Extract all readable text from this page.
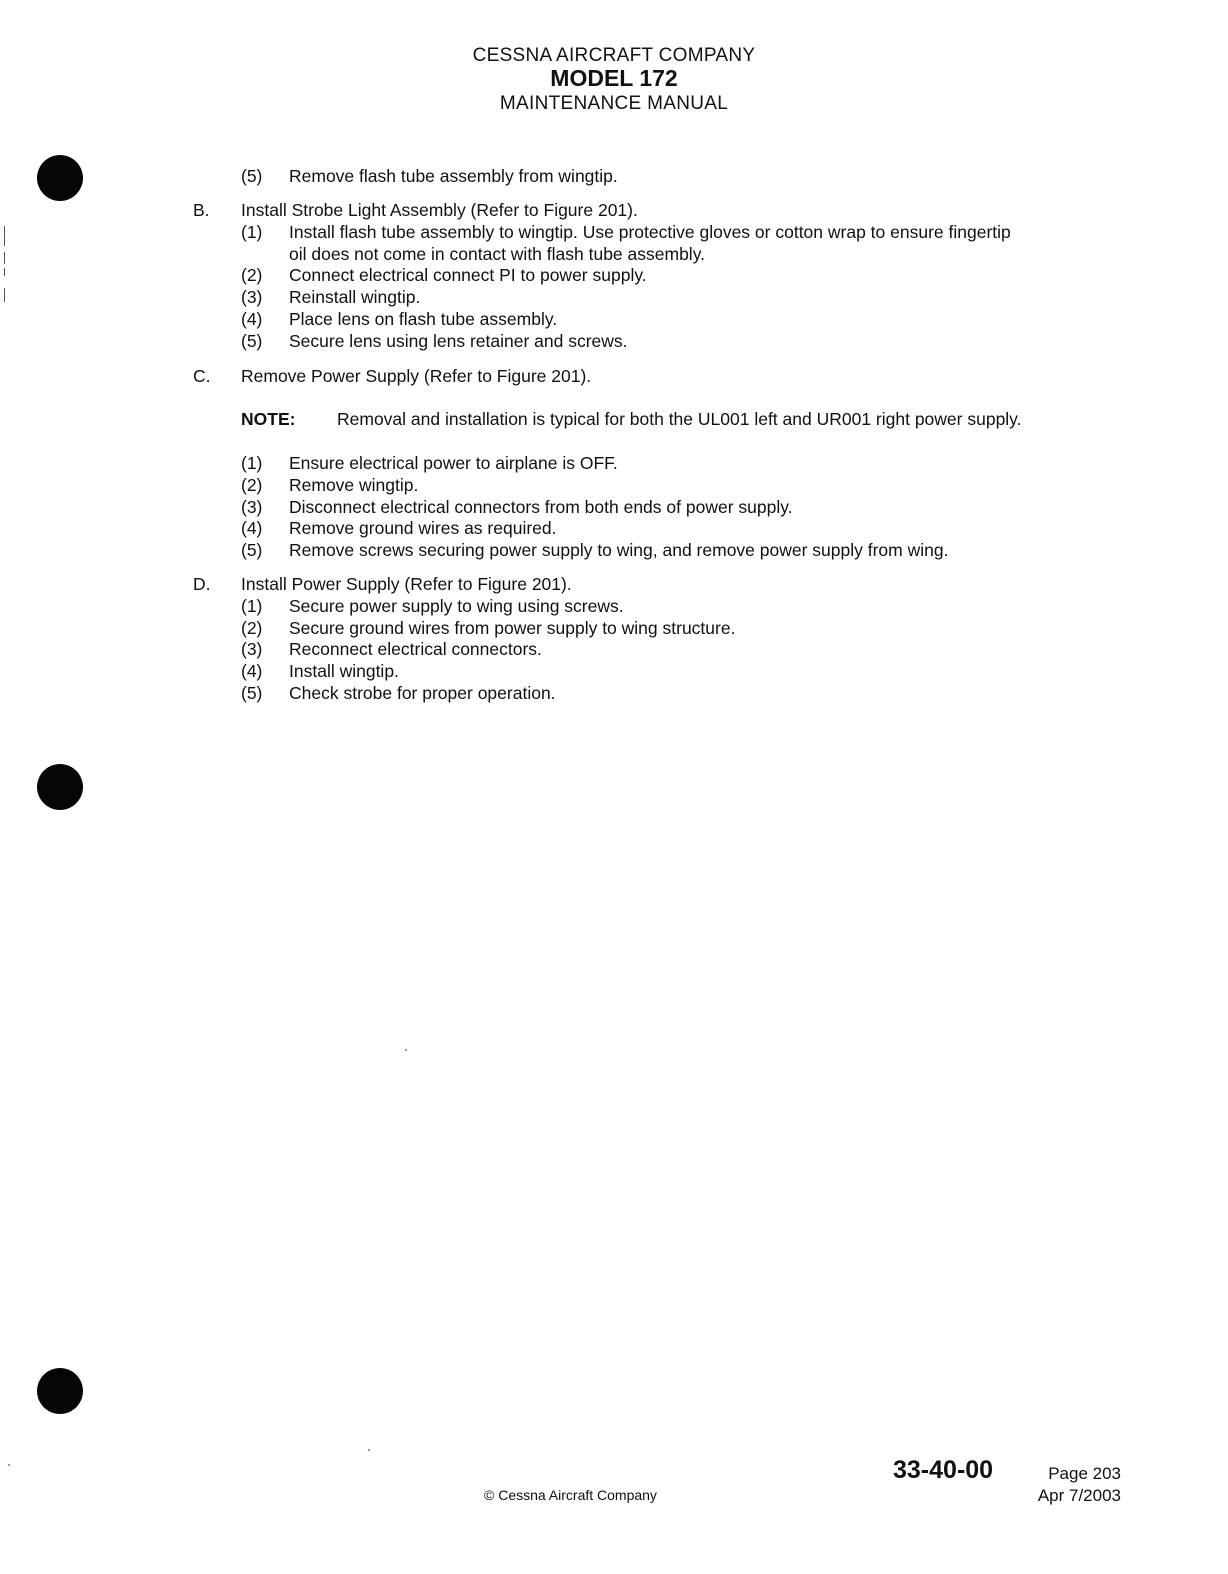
CESSNA AIRCRAFT COMPANY
MODEL 172
MAINTENANCE MANUAL
(5) Remove flash tube assembly from wingtip.
B. Install Strobe Light Assembly (Refer to Figure 201).
(1) Install flash tube assembly to wingtip. Use protective gloves or cotton wrap to ensure fingertip
oil does not come in contact with flash tube assembly.
(2) Connect electrical connect PI to power supply.
(3) Reinstall wingtip.
(4) Place lens on flash tube assembly.
(5) Secure lens using lens retainer and screws.
C. Remove Power Supply (Refer to Figure 201).
NOTE: Removal and installation is typical for both the UL001 left and UR001 right power supply.
(1) Ensure electrical power to airplane is OFF.
(2) Remove wingtip.
(3) Disconnect electrical connectors from both ends of power supply.
(4) Remove ground wires as required.
(5) Remove screws securing power supply to wing, and remove power supply from wing.
D. Install Power Supply (Refer to Figure 201).
(1) Secure power supply to wing using screws.
(2) Secure ground wires from power supply to wing structure.
(3) Reconnect electrical connectors.
(4) Install wingtip.
(5) Check strobe for proper operation.
33-40-00	Page 203
Apr 7/2003
© Cessna Aircraft Company
